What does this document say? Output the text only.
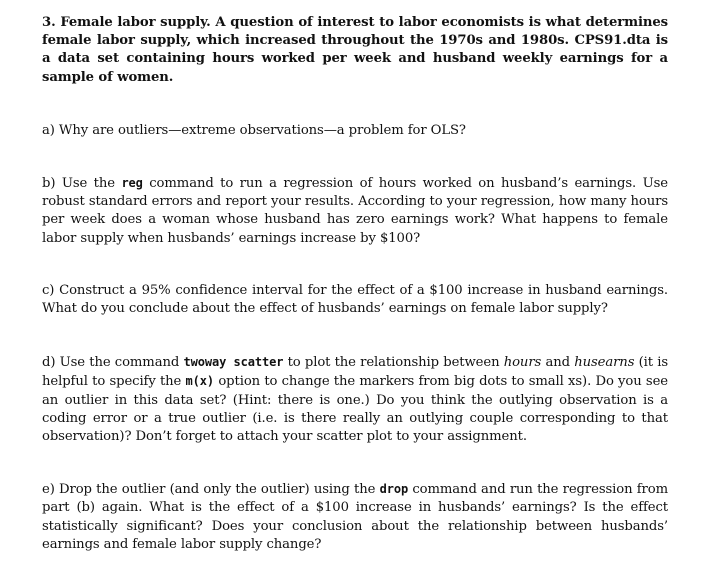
3. Female labor supply. A question of interest to labor economists is what determines female labor supply, which increased throughout the 1970s and 1980s. CPS91.dta is a data set containing hours worked per week and husband weekly earnings for a sample of women.

a) Why are outliers—extreme observations—a problem for OLS?

b) Use the reg command to run a regression of hours worked on husband’s earnings. Use robust standard errors and report your results. According to your regression, how many hours per week does a woman whose husband has zero earnings work? What happens to female labor supply when husbands’ earnings increase by $100?

c) Construct a 95% confidence interval for the effect of a $100 increase in husband earnings. What do you conclude about the effect of husbands’ earnings on female labor supply?

d) Use the command twoway scatter to plot the relationship between hours and husearns (it is helpful to specify the m(x) option to change the markers from big dots to small xs). Do you see an outlier in this data set? (Hint: there is one.) Do you think the outlying observation is a coding error or a true outlier (i.e. is there really an outlying couple corresponding to that observation)? Don’t forget to attach your scatter plot to your assignment.

e) Drop the outlier (and only the outlier) using the drop command and run the regression from part (b) again. What is the effect of a $100 increase in husbands’ earnings? Is the effect statistically significant? Does your conclusion about the relationship between husbands’ earnings and female labor supply change?
